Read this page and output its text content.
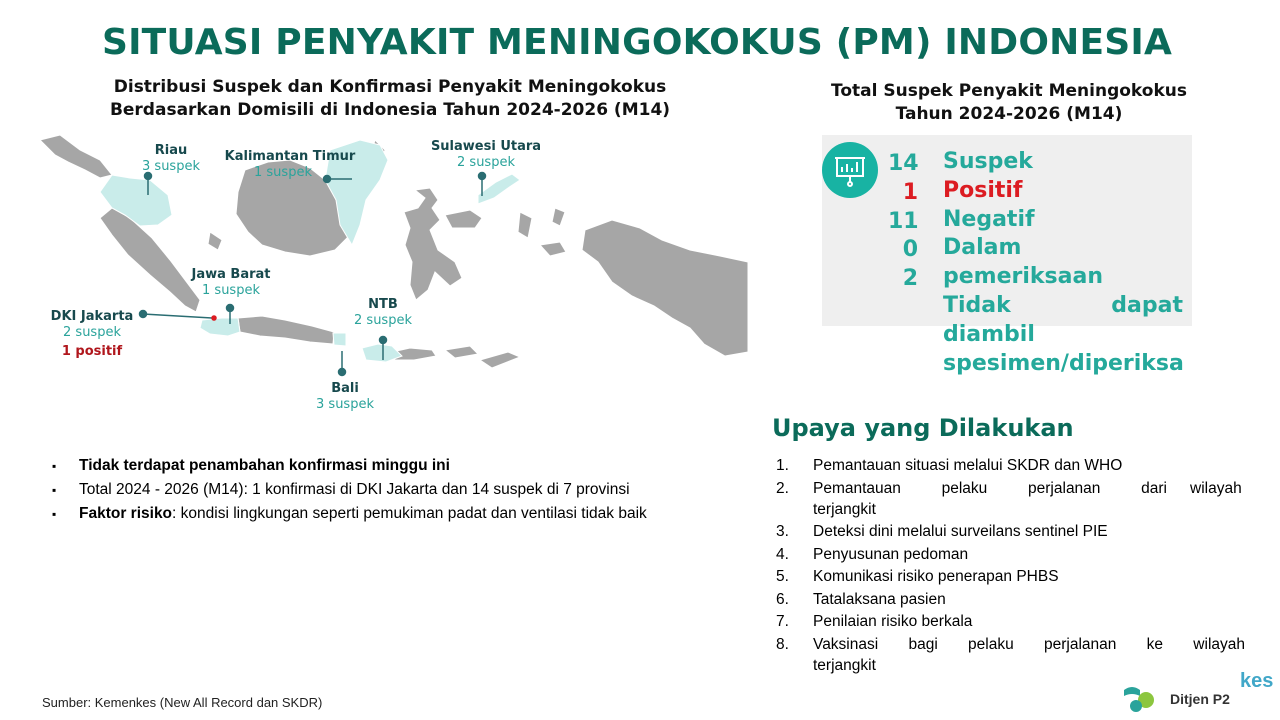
SITUASI PENYAKIT MENINGOKOKUS (PM) INDONESIA
Distribusi Suspek dan Konfirmasi Penyakit Meningokokus
Berdasarkan Domisili di Indonesia Tahun 2024-2026 (M14)
Riau
3 suspek
Kalimantan Timur
1 suspek
Sulawesi Utara
2 suspek
Jawa Barat
1 suspek
DKI Jakarta
2 suspek
1 positif
NTB
2 suspek
Bali
3 suspek
Total Suspek Penyakit Meningokokus
Tahun 2024-2026 (M14)
14
1
11
0
2
Suspek
Positif
Negatif
Dalam pemeriksaan
Tidak dapat diambil
spesimen/diperiksa
▪ Tidak terdapat penambahan konfirmasi minggu ini
▪ Total 2024 - 2026 (M14): 1 konfirmasi di DKI Jakarta dan 14 suspek di 7 provinsi
▪ Faktor risiko: kondisi lingkungan seperti pemukiman padat dan ventilasi tidak baik
Upaya yang Dilakukan
1. Pemantauan situasi melalui SKDR dan WHO
2. Pemantauan pelaku perjalanan dari wilayah
terjangkit
3. Deteksi dini melalui surveilans sentinel PIE
4. Penyusunan pedoman
5. Komunikasi risiko penerapan PHBS
6. Tatalaksana pasien
7. Penilaian risiko berkala
8. Vaksinasi bagi pelaku perjalanan ke wilayah
terjangkit
Sumber: Kemenkes (New All Record dan SKDR)	Ditjen P2
kes
